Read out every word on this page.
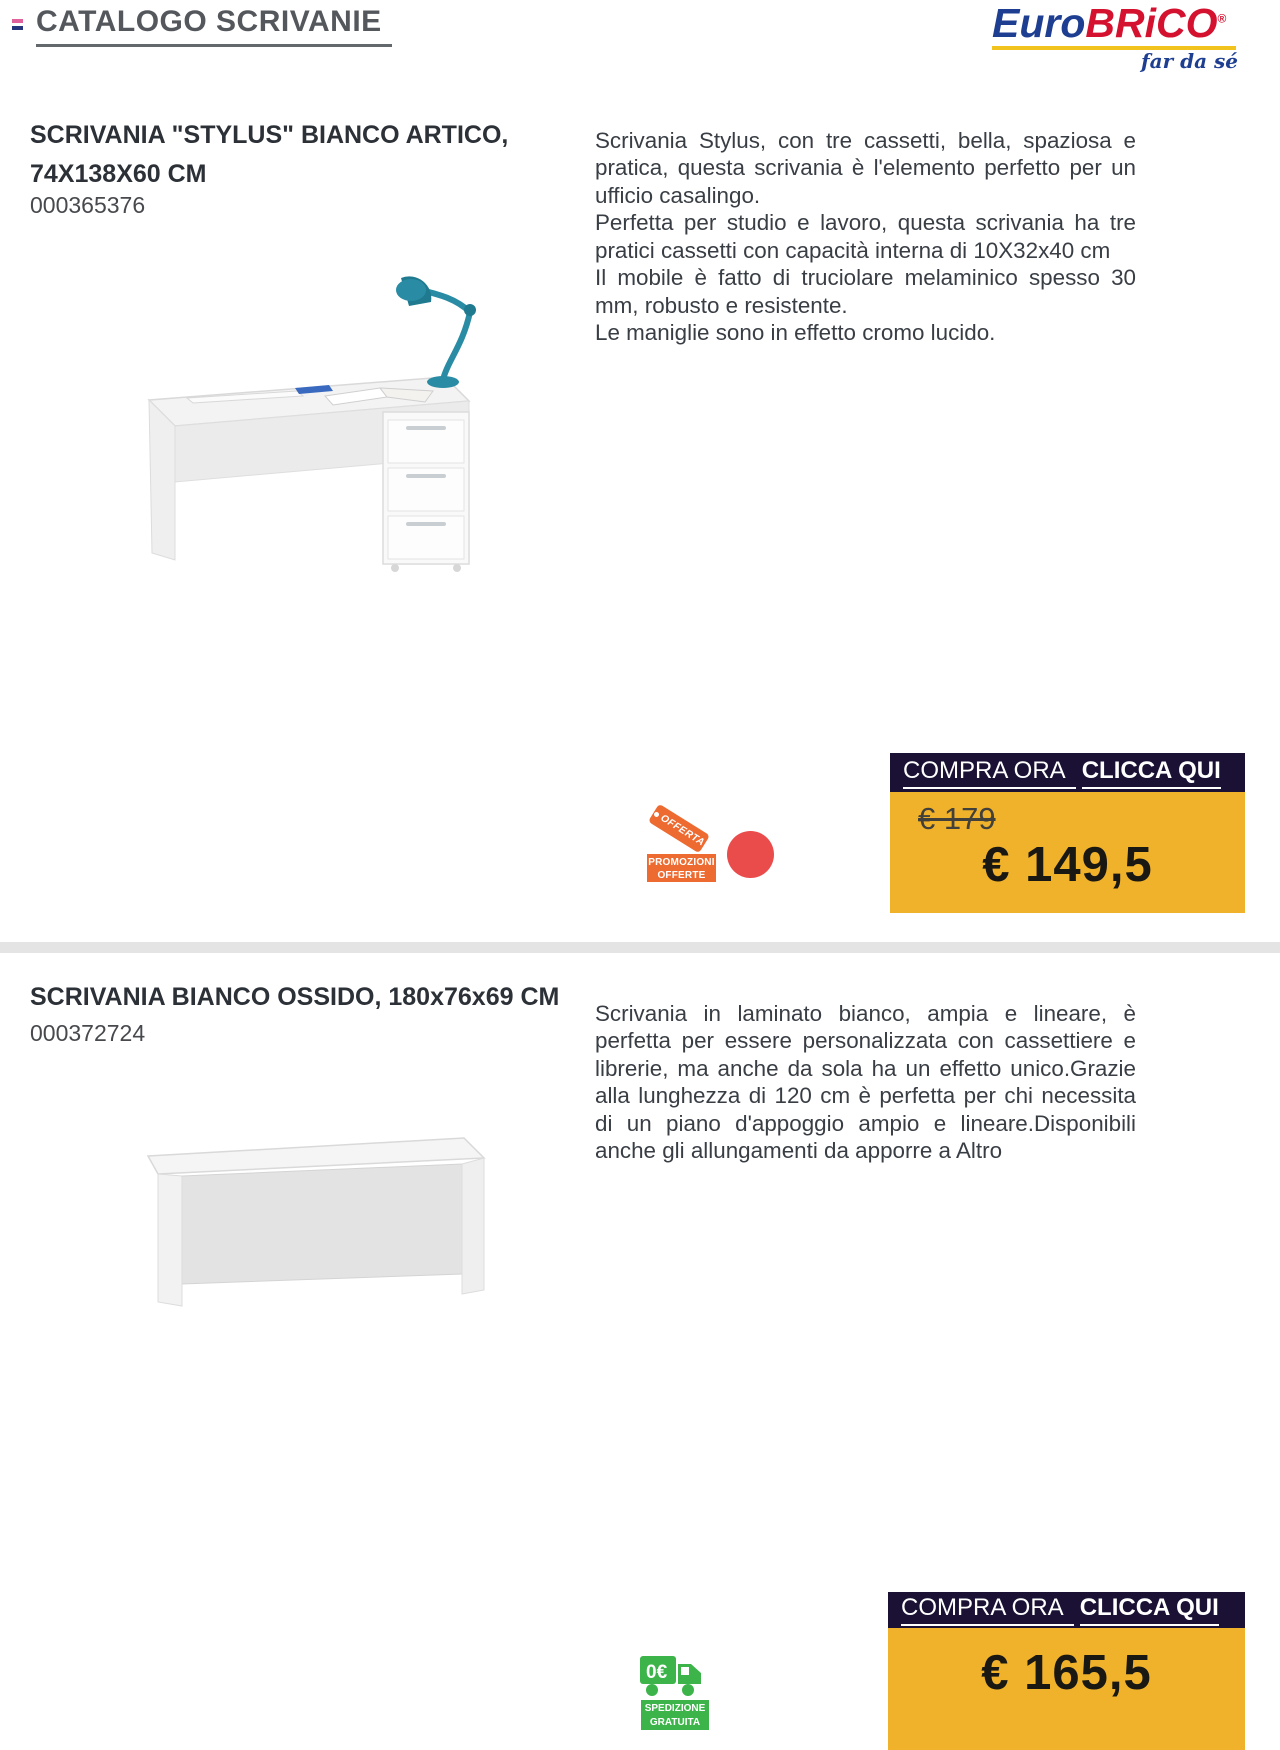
CATALOGO SCRIVANIE	EuroBRiCO®
far da sé
SCRIVANIA "STYLUS" BIANCO ARTICO, 74X138X60 CM
000365376

Scrivania Stylus, con tre cassetti, bella, spaziosa e pratica, questa scrivania è l'elemento perfetto per un ufficio casalingo.

Perfetta per studio e lavoro, questa scrivania ha tre pratici cassetti con capacità interna di 10X32x40 cm

Il mobile è fatto di truciolare melaminico spesso 30 mm, robusto e resistente.

Le maniglie sono in effetto cromo lucido.

OFFERTA
PROMOZIONI
OFFERTE
COMPRA ORA CLICCA QUI
€ 179
€ 149,5
SCRIVANIA BIANCO OSSIDO, 180x76x69 CM
000372724

Scrivania in laminato bianco, ampia e lineare, è perfetta per essere personalizzata con cassettiere e librerie, ma anche da sola ha un effetto unico.Grazie alla lunghezza di 120 cm è perfetta per chi necessita di un piano d'appoggio ampio e lineare.Disponibili anche gli allungamenti da apporre a Altro

0€
SPEDIZIONE
GRATUITA
COMPRA ORA CLICCA QUI
€ 165,5
